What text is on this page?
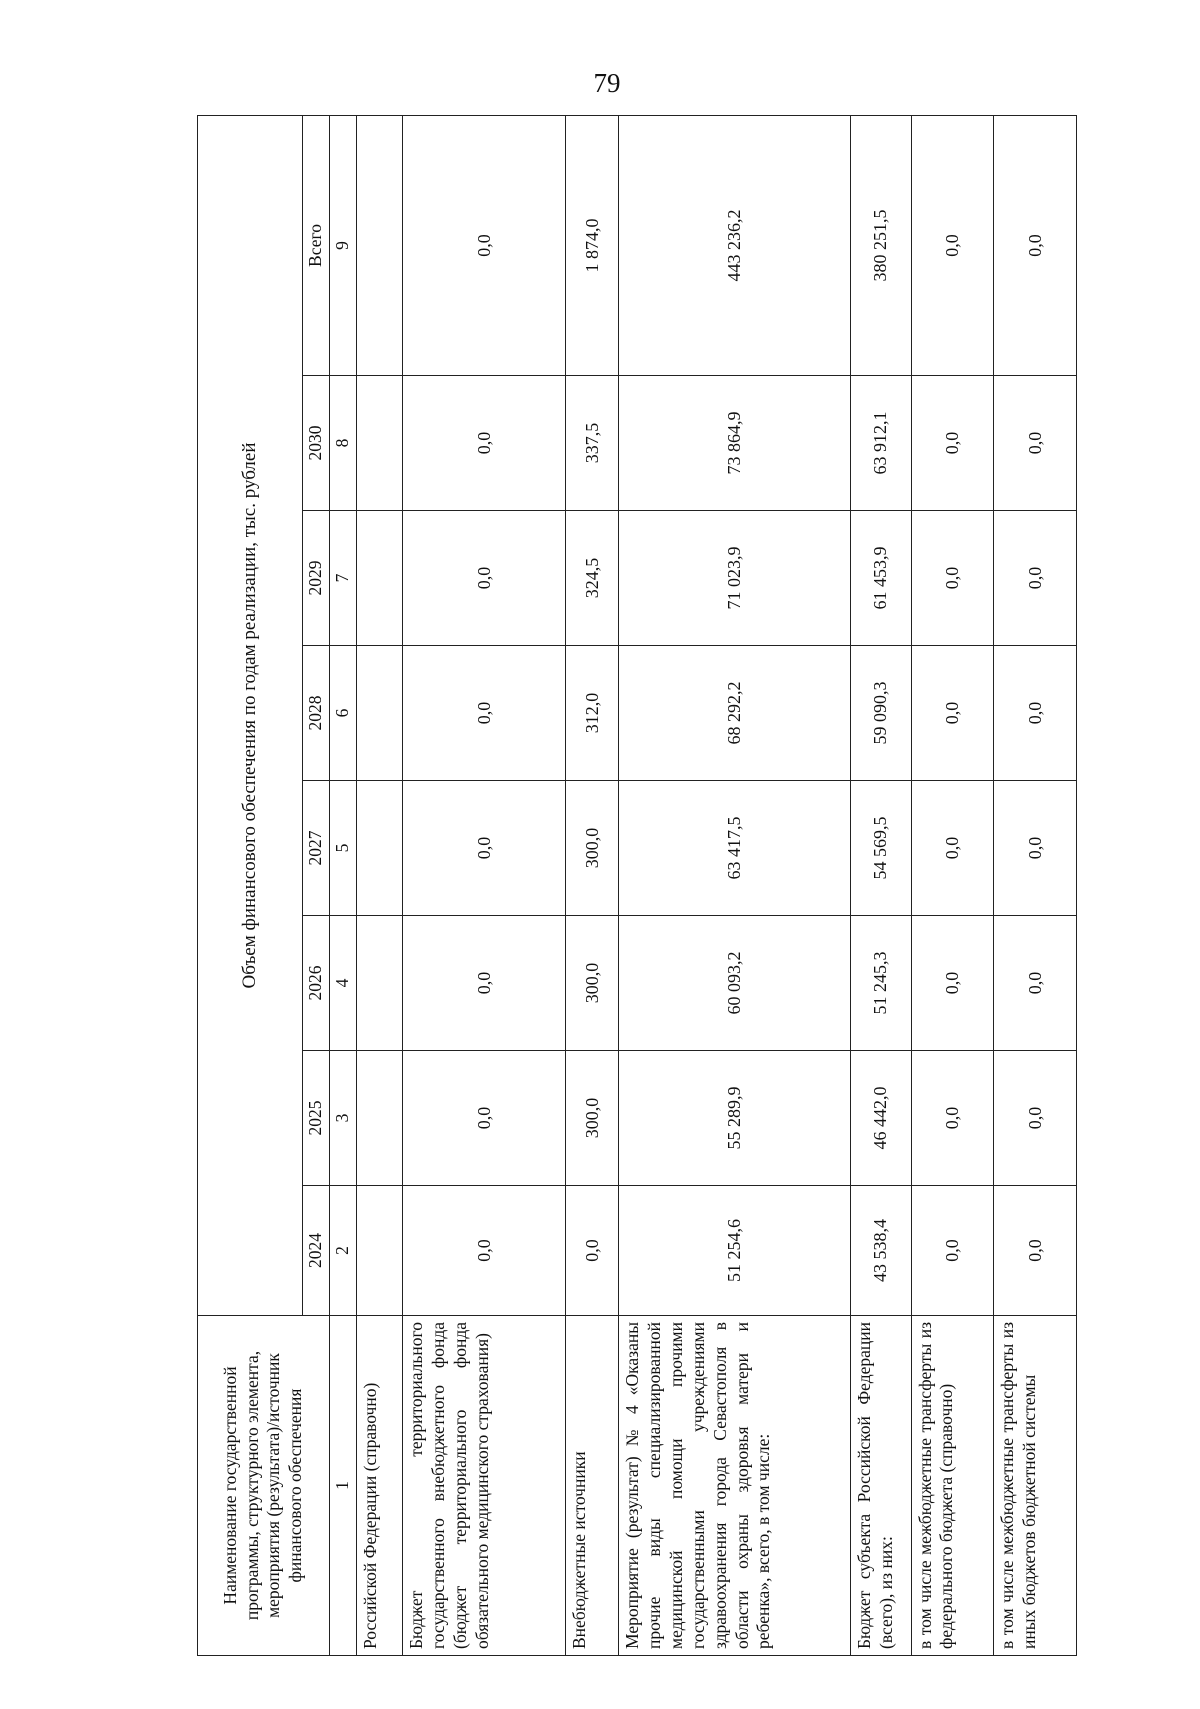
79
Наименование государственной программы, структурного элемента, мероприятия (результата)/источник финансового обеспечения	Объем финансового обеспечения по годам реализации, тыс. рублей							
	2024	2025	2026	2027	2028	2029	2030	Всего
1	2	3	4	5	6	7	8	9
Российской Федерации (справочно)								
Бюджет территориального государственного внебюджетного фонда (бюджет территориального фонда обязательного медицинского страхования)	0,0	0,0	0,0	0,0	0,0	0,0	0,0	0,0
Внебюджетные источники	0,0	300,0	300,0	300,0	312,0	324,5	337,5	1 874,0
Мероприятие (результат) № 4 «Оказаны прочие виды специализированной медицинской помощи прочими государственными учреждениями здравоохранения города Севастополя в области охраны здоровья матери и ребенка», всего, в том числе:	51 254,6	55 289,9	60 093,2	63 417,5	68 292,2	71 023,9	73 864,9	443 236,2
Бюджет субъекта Российской Федерации (всего), из них:	43 538,4	46 442,0	51 245,3	54 569,5	59 090,3	61 453,9	63 912,1	380 251,5
в том числе межбюджетные трансферты из федерального бюджета (справочно)	0,0	0,0	0,0	0,0	0,0	0,0	0,0	0,0
в том числе межбюджетные трансферты из иных бюджетов бюджетной системы	0,0	0,0	0,0	0,0	0,0	0,0	0,0	0,0
